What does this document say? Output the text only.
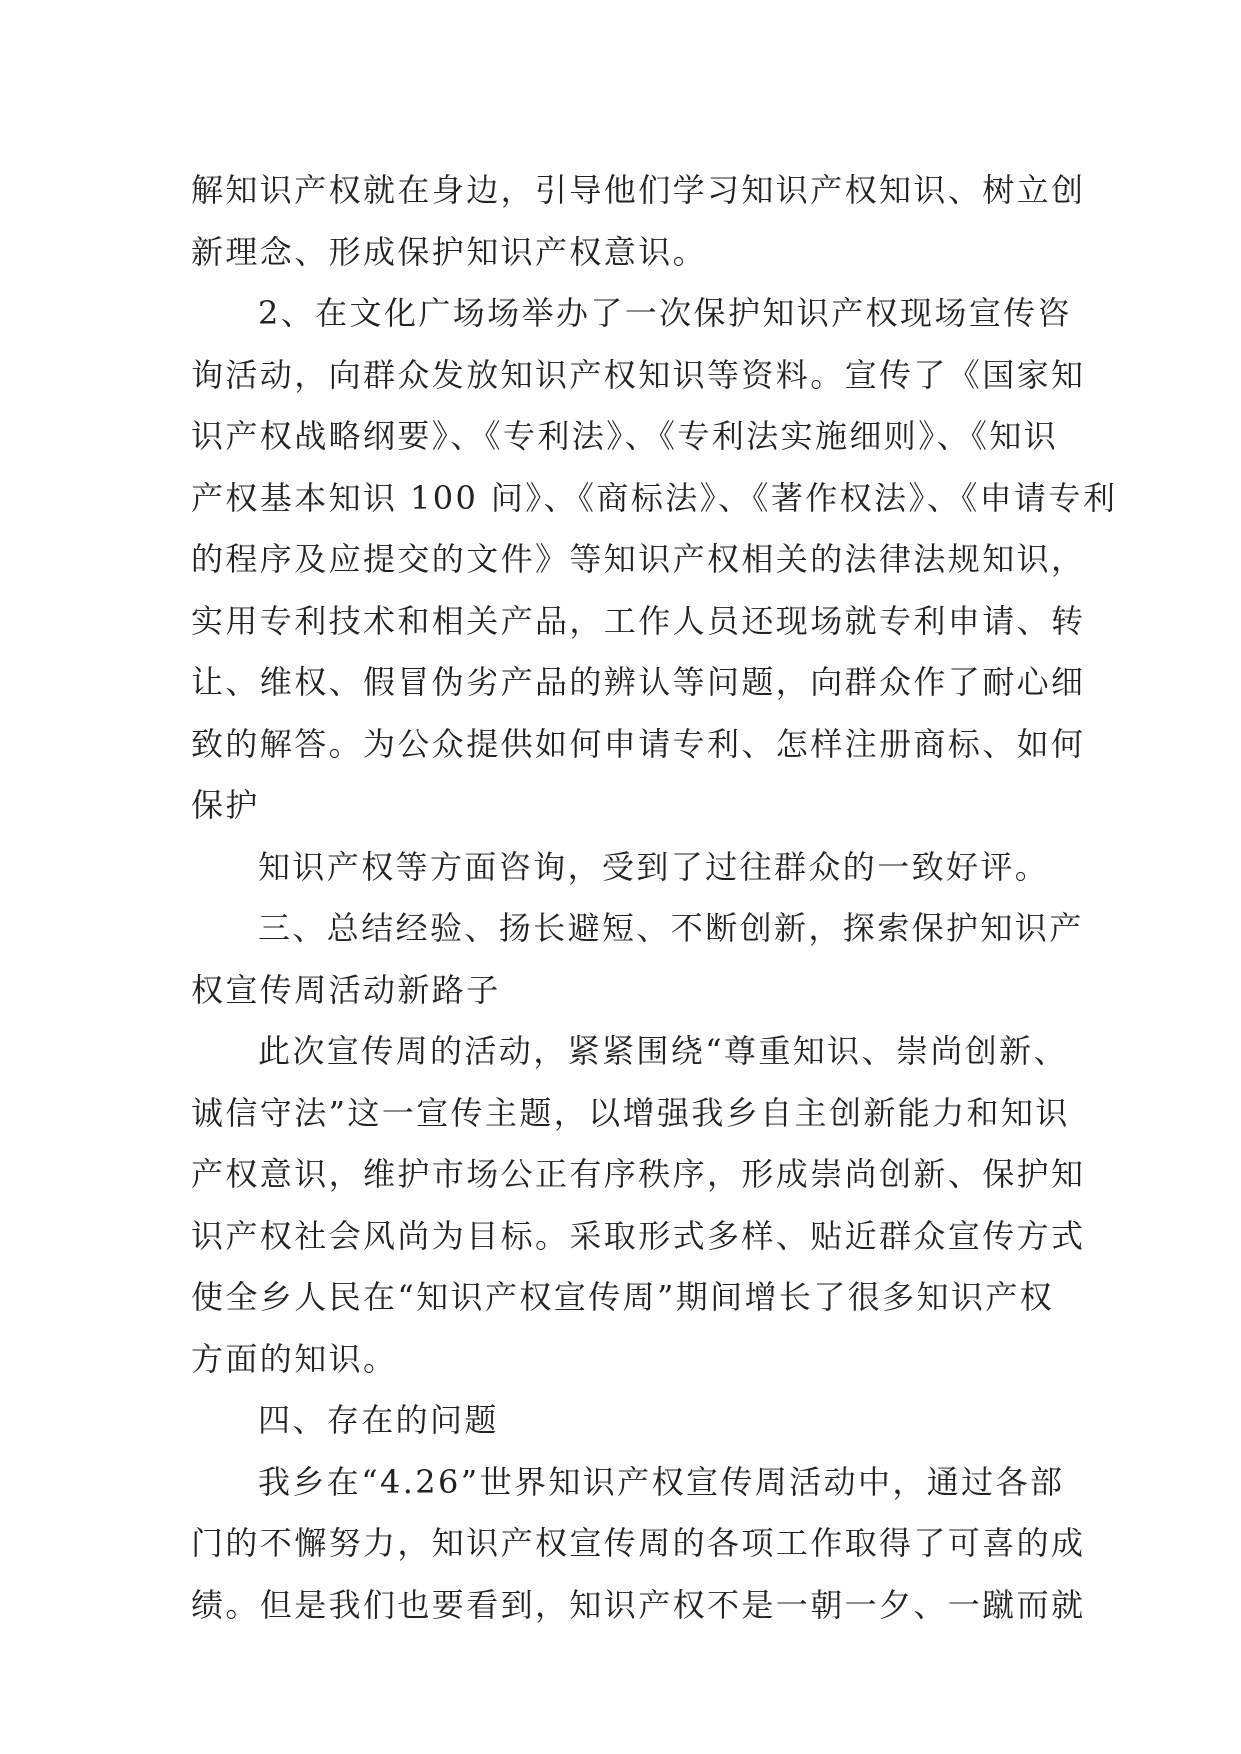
解知识产权就在身边，引导他们学习知识产权知识、树立创
新理念、形成保护知识产权意识。
2、在文化广场场举办了一次保护知识产权现场宣传咨
询活动，向群众发放知识产权知识等资料。宣传了《国家知
识产权战略纲要》、《专利法》、《专利法实施细则》、《知识
产权基本知识 100 问》、《商标法》、《著作权法》、《申请专利
的程序及应提交的文件》等知识产权相关的法律法规知识，
实用专利技术和相关产品，工作人员还现场就专利申请、转
让、维权、假冒伪劣产品的辨认等问题，向群众作了耐心细
致的解答。为公众提供如何申请专利、怎样注册商标、如何
保护
知识产权等方面咨询，受到了过往群众的一致好评。
三、总结经验、扬长避短、不断创新，探索保护知识产
权宣传周活动新路子
此次宣传周的活动，紧紧围绕“尊重知识、崇尚创新、
诚信守法”这一宣传主题，以增强我乡自主创新能力和知识
产权意识，维护市场公正有序秩序，形成崇尚创新、保护知
识产权社会风尚为目标。采取形式多样、贴近群众宣传方式
使全乡人民在“知识产权宣传周”期间增长了很多知识产权
方面的知识。
四、存在的问题
我乡在“4.26”世界知识产权宣传周活动中，通过各部
门的不懈努力，知识产权宣传周的各项工作取得了可喜的成
绩。但是我们也要看到，知识产权不是一朝一夕、一蹴而就
